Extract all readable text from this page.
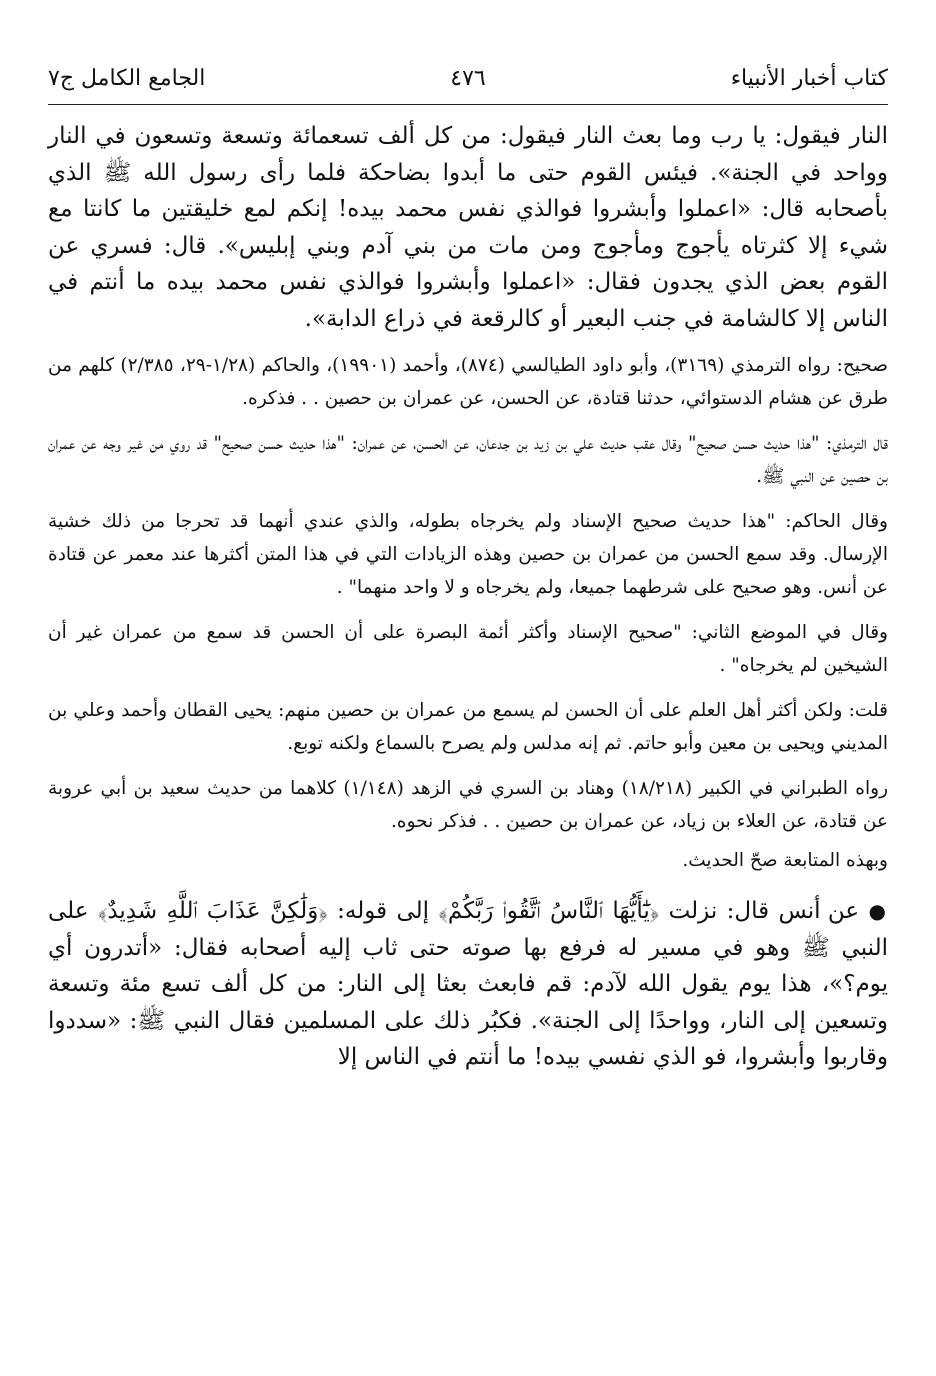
كتاب أخبار الأنبياء
٤٧٦
الجامع الكامل ج٧

النار فيقول: يا رب وما بعث النار فيقول: من كل ألف تسعمائة وتسعة وتسعون في النار وواحد في الجنة». فيئس القوم حتى ما أبدوا بضاحكة فلما رأى رسول الله ﷺ الذي بأصحابه قال: «اعملوا وأبشروا فوالذي نفس محمد بيده! إنكم لمع خليقتين ما كانتا مع شيء إلا كثرتاه يأجوج ومأجوج ومن مات من بني آدم وبني إبليس». قال: فسري عن القوم بعض الذي يجدون فقال: «اعملوا وأبشروا فوالذي نفس محمد بيده ما أنتم في الناس إلا كالشامة في جنب البعير أو كالرقعة في ذراع الدابة».

صحيح: رواه الترمذي (٣١٦٩)، وأبو داود الطيالسي (٨٧٤)، وأحمد (١٩٩٠١)، والحاكم (١/٢٨-٢٩، ٢/٣٨٥) كلهم من طرق عن هشام الدستوائي، حدثنا قتادة، عن الحسن، عن عمران بن حصين . . فذكره.

قال الترمذي: "هذا حديث حسن صحيح" وقال عقب حديث علي بن زيد بن جدعان، عن الحسن، عن عمران: "هذا حديث حسن صحيح" قد روي من غير وجه عن عمران بن حصين عن النبي ﷺ.

وقال الحاكم: "هذا حديث صحيح الإسناد ولم يخرجاه بطوله، والذي عندي أنهما قد تحرجا من ذلك خشية الإرسال. وقد سمع الحسن من عمران بن حصين وهذه الزيادات التي في هذا المتن أكثرها عند معمر عن قتادة عن أنس. وهو صحيح على شرطهما جميعا، ولم يخرجاه و لا واحد منهما" .

وقال في الموضع الثاني: "صحيح الإسناد وأكثر أئمة البصرة على أن الحسن قد سمع من عمران غير أن الشيخين لم يخرجاه" .

قلت: ولكن أكثر أهل العلم على أن الحسن لم يسمع من عمران بن حصين منهم: يحيى القطان وأحمد وعلي بن المديني ويحيى بن معين وأبو حاتم. ثم إنه مدلس ولم يصرح بالسماع ولكنه توبع.

رواه الطبراني في الكبير (١٨/٢١٨) وهناد بن السري في الزهد (١/١٤٨) كلاهما من حديث سعيد بن أبي عروبة عن قتادة، عن العلاء بن زياد، عن عمران بن حصين . . فذكر نحوه.

وبهذه المتابعة صحّ الحديث.

● عن أنس قال: نزلت ﴿يَٰٓأَيُّهَا ٱلنَّاسُ ٱتَّقُوا۟ رَبَّكُمْ﴾ إلى قوله: ﴿وَلَٰكِنَّ عَذَابَ ٱللَّهِ شَدِيدٌ﴾ على النبي ﷺ وهو في مسير له فرفع بها صوته حتى ثاب إليه أصحابه فقال: «أتدرون أي يوم؟»، هذا يوم يقول الله لآدم: قم فابعث بعثا إلى النار: من كل ألف تسع مئة وتسعة وتسعين إلى النار، وواحدًا إلى الجنة». فكبُر ذلك على المسلمين فقال النبي ﷺ: «سددوا وقاربوا وأبشروا، فو الذي نفسي بيده! ما أنتم في الناس إلا
